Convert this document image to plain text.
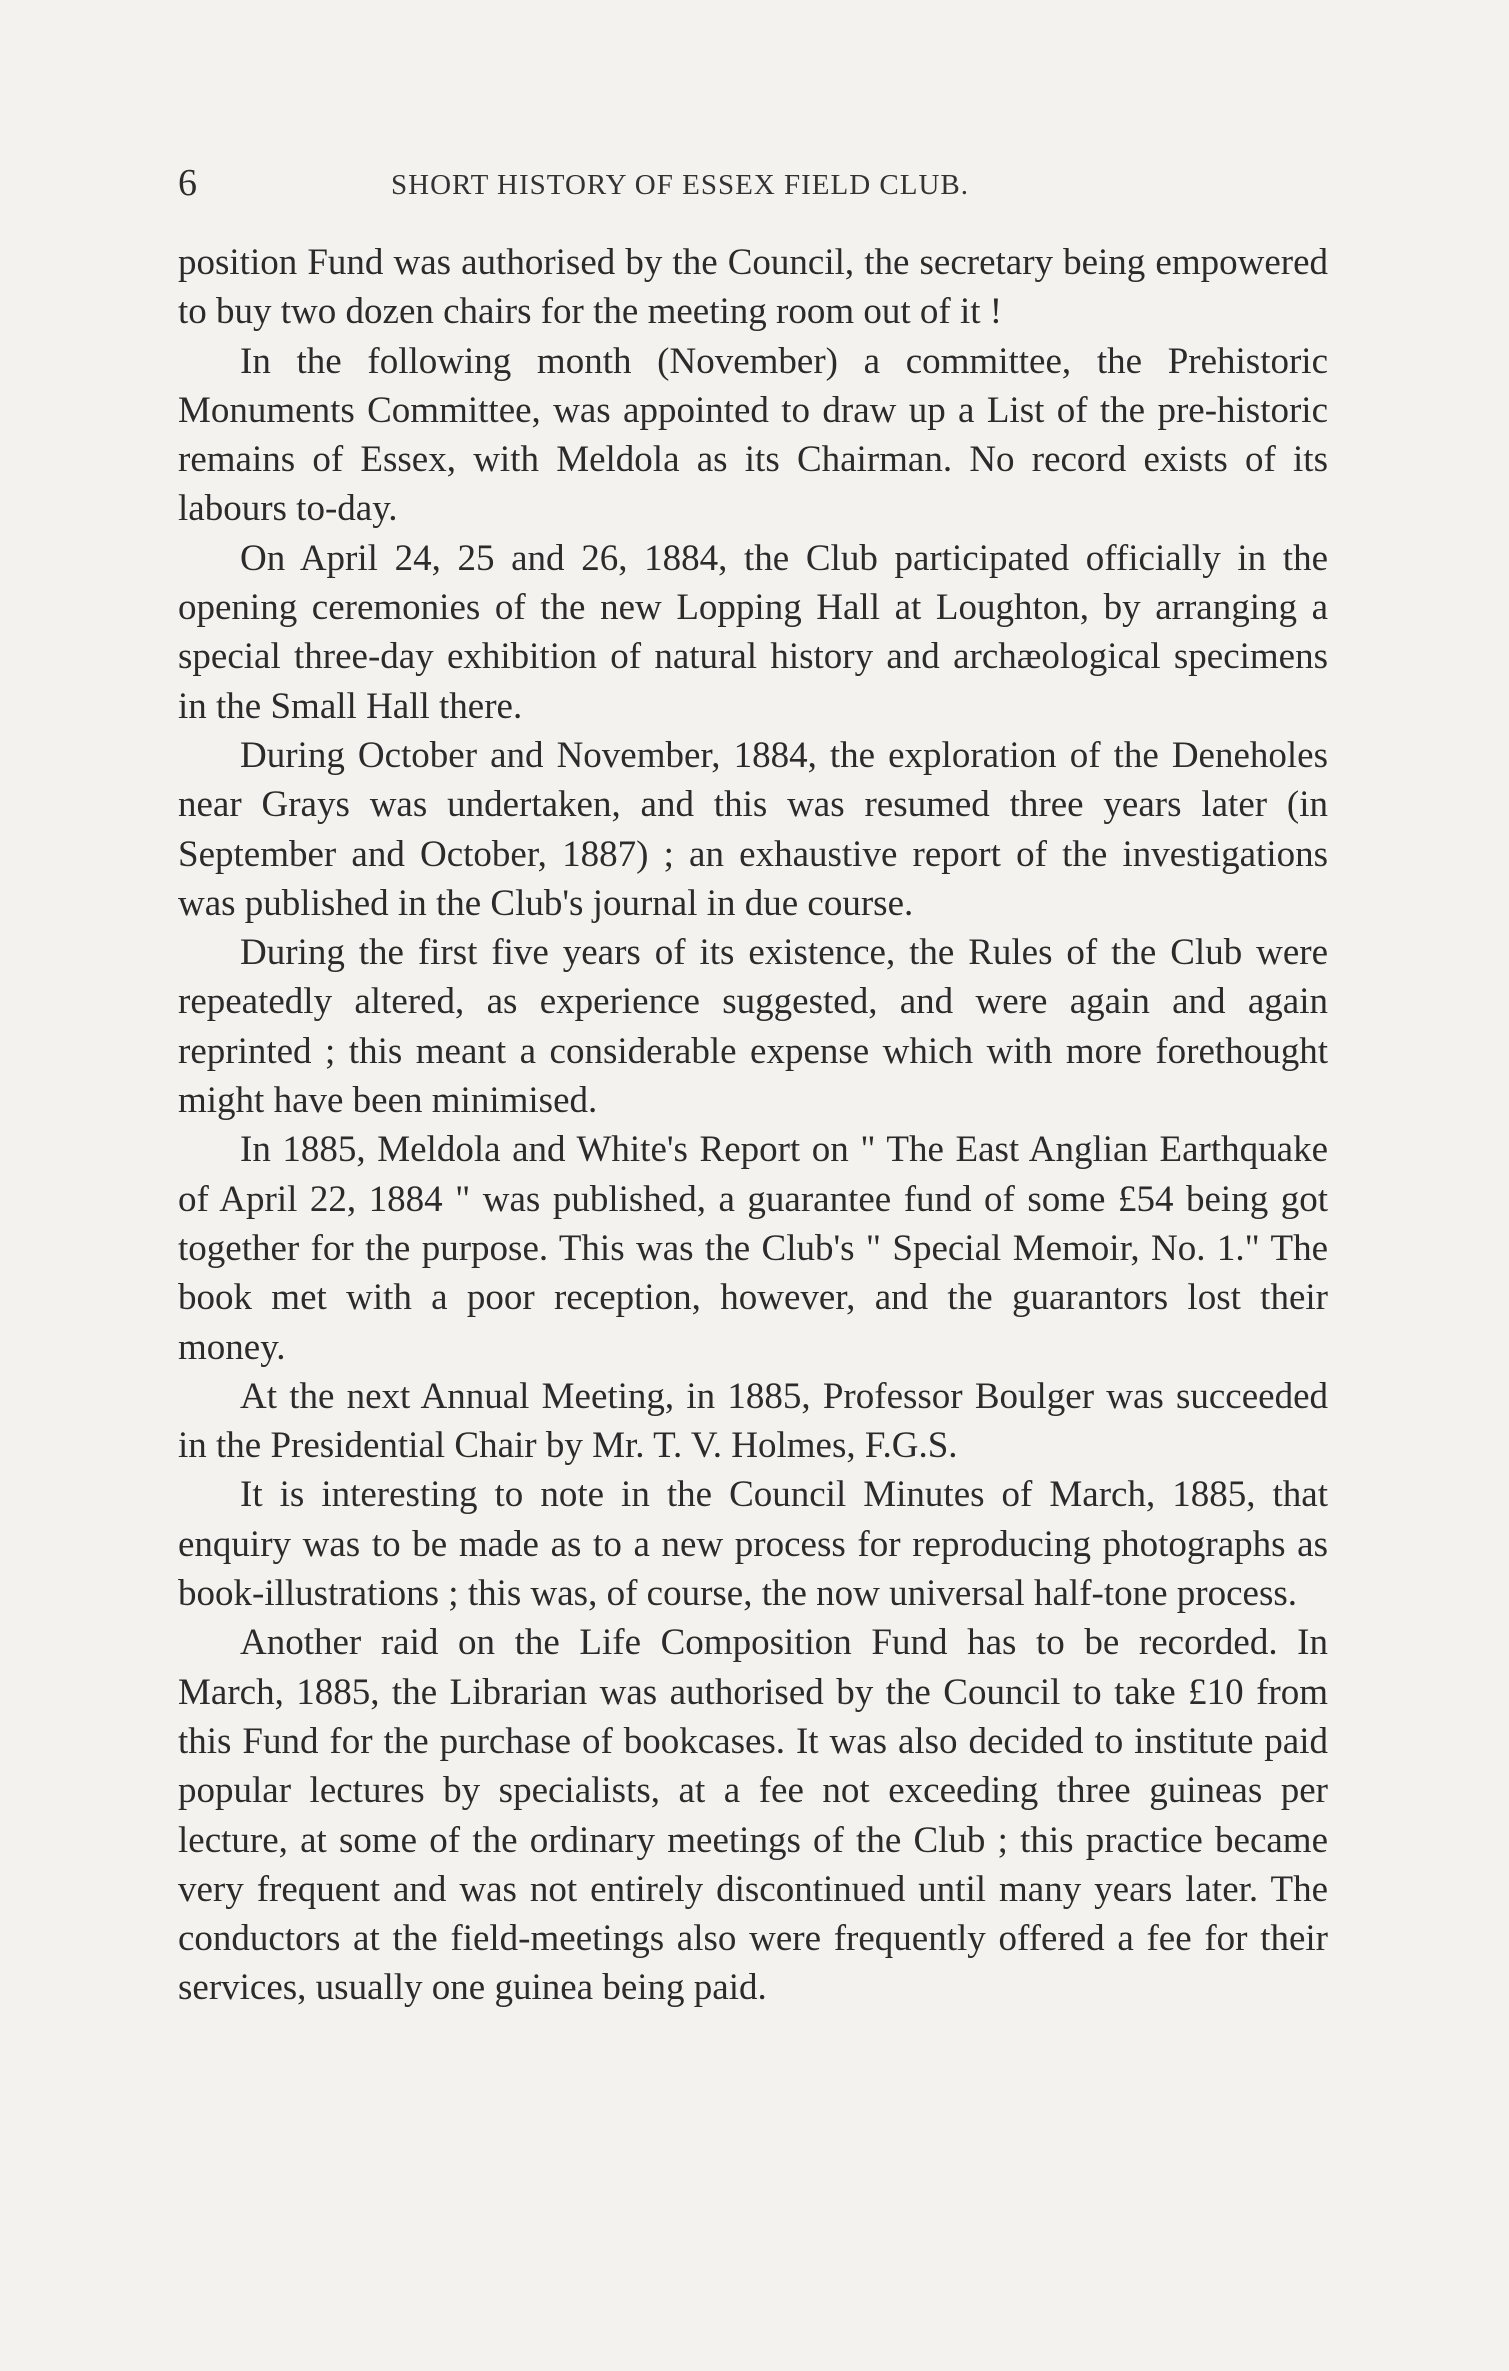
6	SHORT HISTORY OF ESSEX FIELD CLUB.

position Fund was authorised by the Council, the secretary being empowered to buy two dozen chairs for the meeting room out of it !

In the following month (November) a committee, the Prehistoric Monuments Committee, was appointed to draw up a List of the pre-historic remains of Essex, with Meldola as its Chairman. No record exists of its labours to-day.

On April 24, 25 and 26, 1884, the Club participated officially in the opening ceremonies of the new Lopping Hall at Loughton, by arranging a special three-day exhibition of natural history and archæological specimens in the Small Hall there.

During October and November, 1884, the exploration of the Deneholes near Grays was undertaken, and this was resumed three years later (in September and October, 1887) ; an exhaustive report of the investigations was published in the Club's journal in due course.

During the first five years of its existence, the Rules of the Club were repeatedly altered, as experience suggested, and were again and again reprinted ; this meant a considerable expense which with more forethought might have been minimised.

In 1885, Meldola and White's Report on " The East Anglian Earthquake of April 22, 1884 " was published, a guarantee fund of some £54 being got together for the purpose. This was the Club's " Special Memoir, No. 1." The book met with a poor reception, however, and the guarantors lost their money.

At the next Annual Meeting, in 1885, Professor Boulger was succeeded in the Presidential Chair by Mr. T. V. Holmes, F.G.S.

It is interesting to note in the Council Minutes of March, 1885, that enquiry was to be made as to a new process for reproducing photographs as book-illustrations ; this was, of course, the now universal half-tone process.

Another raid on the Life Composition Fund has to be recorded. In March, 1885, the Librarian was authorised by the Council to take £10 from this Fund for the purchase of bookcases. It was also decided to institute paid popular lectures by specialists, at a fee not exceeding three guineas per lecture, at some of the ordinary meetings of the Club ; this practice became very frequent and was not entirely discontinued until many years later. The conductors at the field-meetings also were frequently offered a fee for their services, usually one guinea being paid.
